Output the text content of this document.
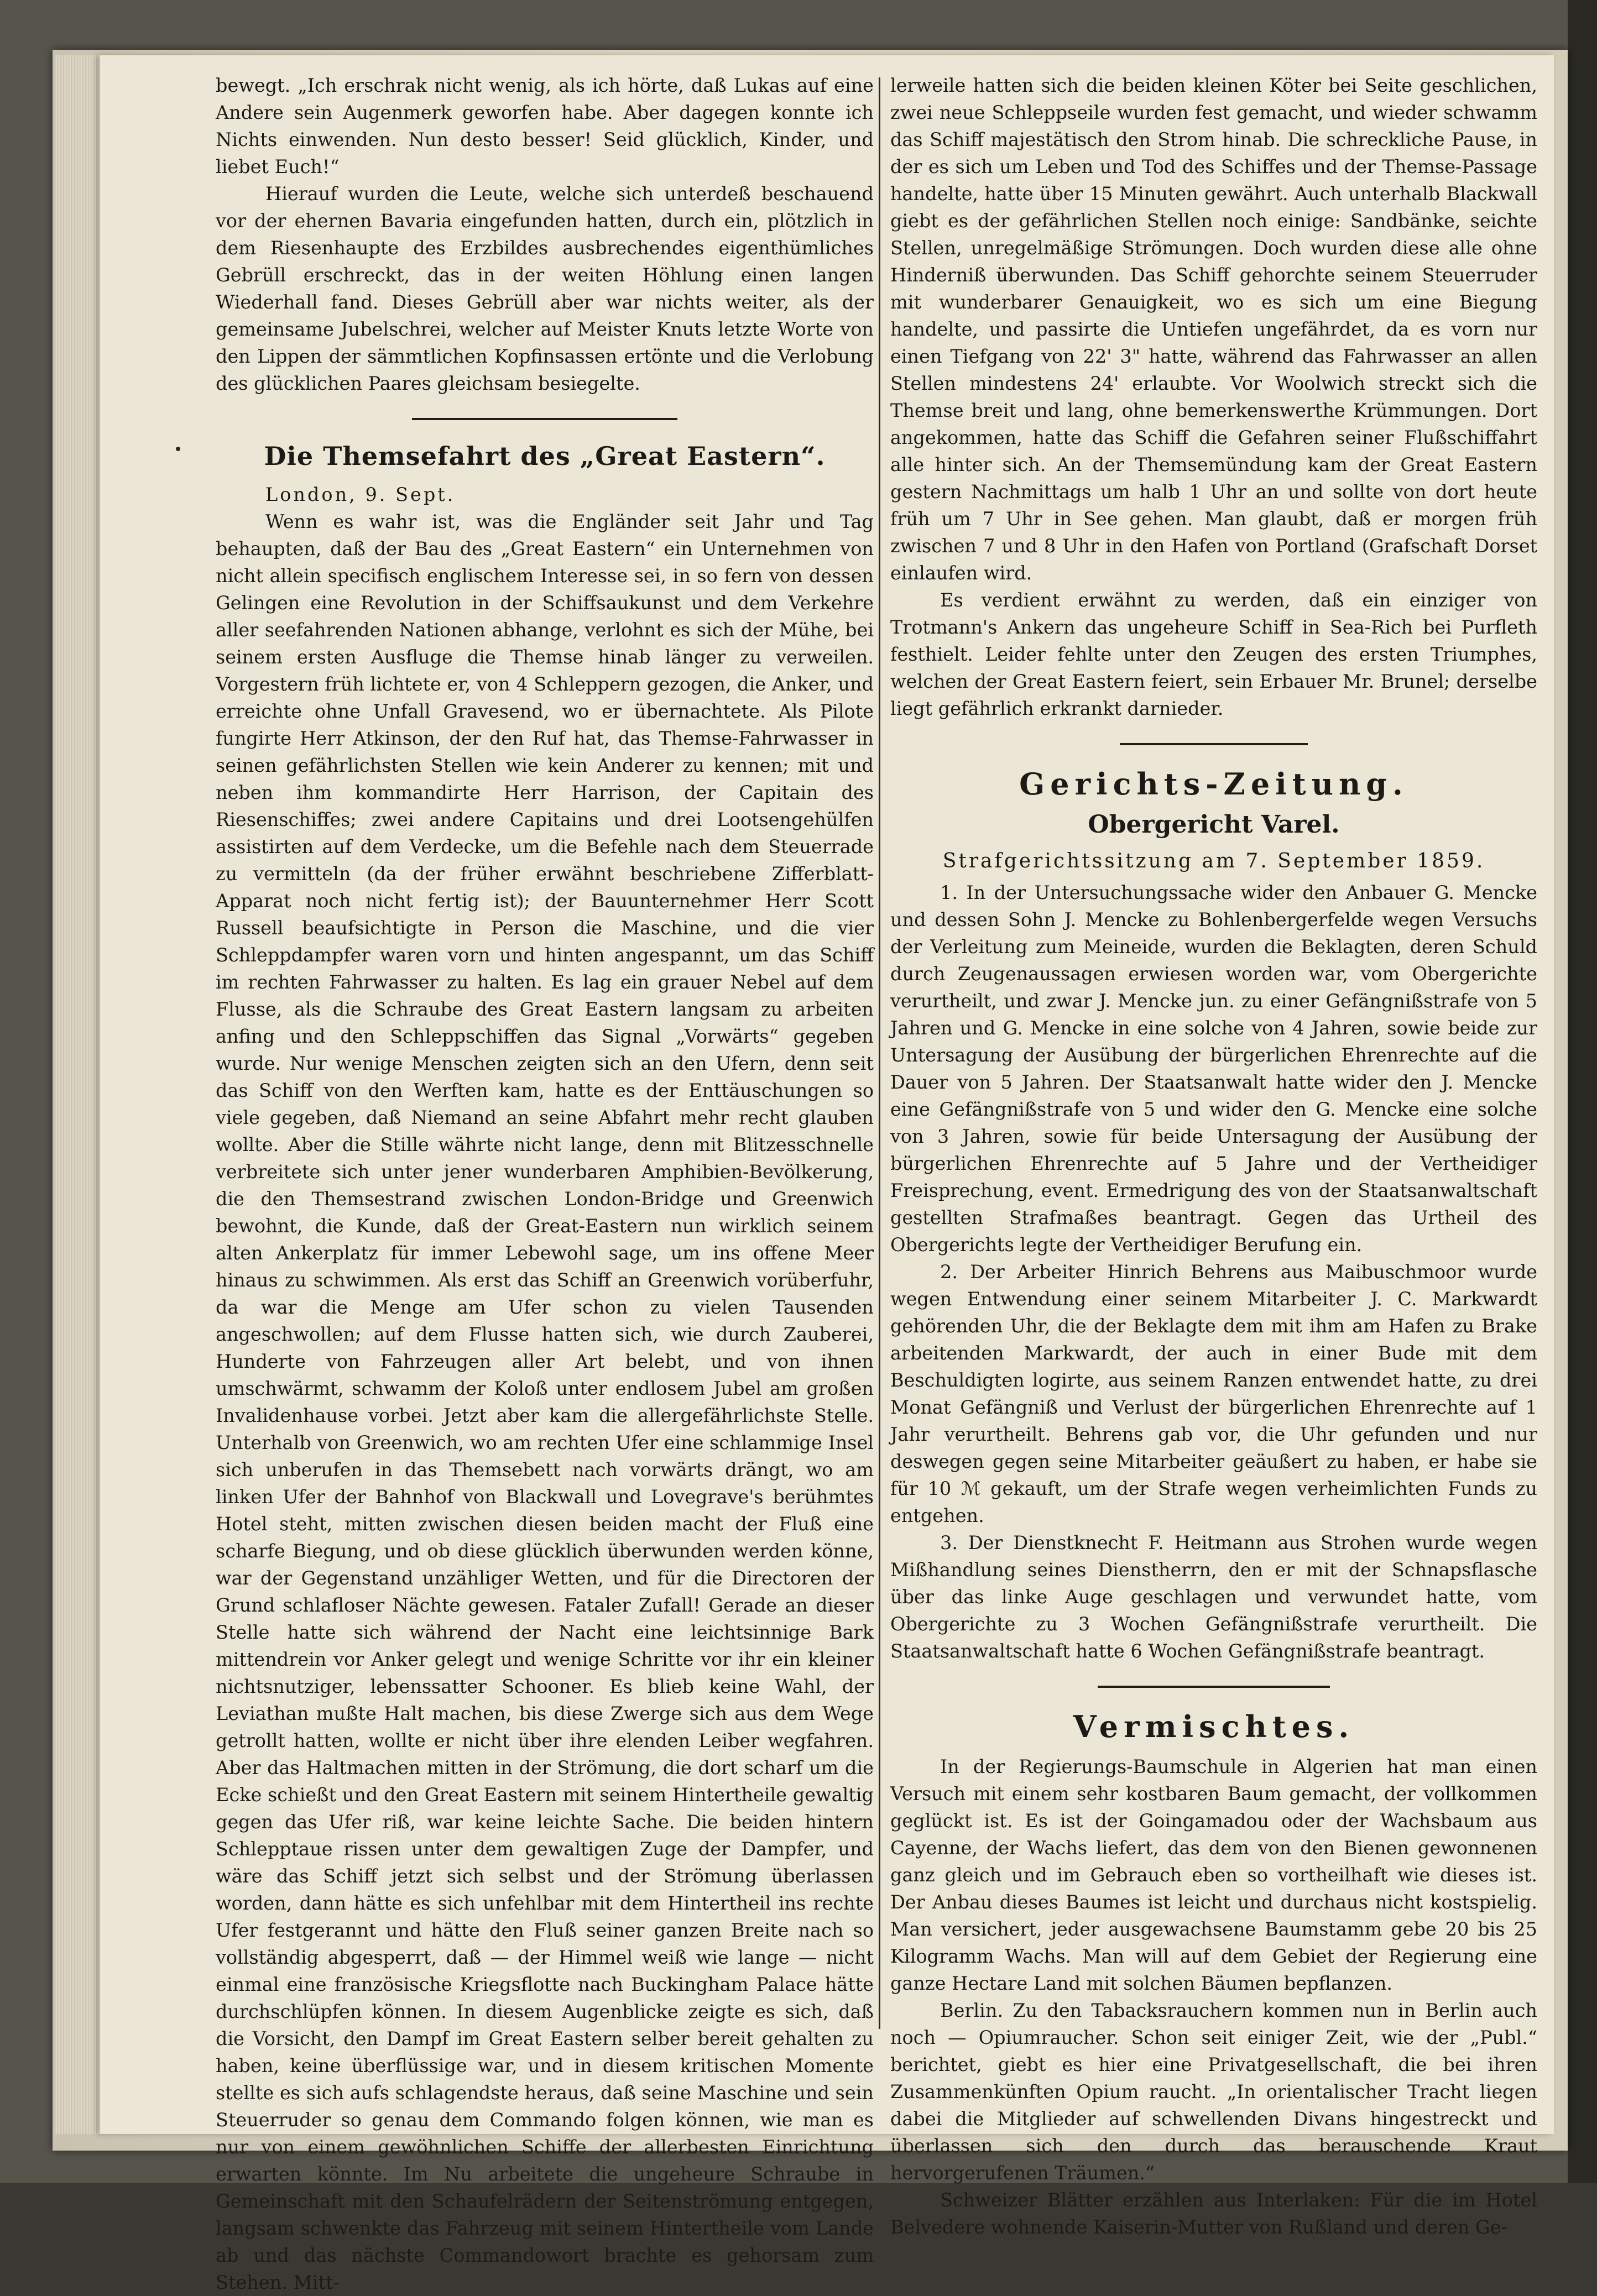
bewegt. „Ich erschrak nicht wenig, als ich hörte, daß Lukas auf eine Andere sein Augenmerk geworfen habe. Aber dagegen konnte ich Nichts einwenden. Nun desto besser! Seid glücklich, Kinder, und liebet Euch!“

Hierauf wurden die Leute, welche sich unterdeß beschauend vor der ehernen Bavaria eingefunden hatten, durch ein, plötzlich in dem Riesenhaupte des Erzbildes ausbrechendes eigenthümliches Gebrüll erschreckt, das in der weiten Höhlung einen langen Wiederhall fand. Dieses Gebrüll aber war nichts weiter, als der gemeinsame Jubelschrei, welcher auf Meister Knuts letzte Worte von den Lippen der sämmtlichen Kopfinsassen ertönte und die Verlobung des glücklichen Paares gleichsam besiegelte.

Die Themsefahrt des „Great Eastern“.

London, 9. Sept.

Wenn es wahr ist, was die Engländer seit Jahr und Tag behaupten, daß der Bau des „Great Eastern“ ein Unternehmen von nicht allein specifisch englischem Interesse sei, in so fern von dessen Gelingen eine Revolution in der Schiffsaukunst und dem Verkehre aller seefahrenden Nationen abhange, verlohnt es sich der Mühe, bei seinem ersten Ausfluge die Themse hinab länger zu verweilen. Vorgestern früh lichtete er, von 4 Schleppern gezogen, die Anker, und erreichte ohne Unfall Gravesend, wo er übernachtete. Als Pilote fungirte Herr Atkinson, der den Ruf hat, das Themse-Fahrwasser in seinen gefährlichsten Stellen wie kein Anderer zu kennen; mit und neben ihm kommandirte Herr Harrison, der Capitain des Riesenschiffes; zwei andere Capitains und drei Lootsengehülfen assistirten auf dem Verdecke, um die Befehle nach dem Steuerrade zu vermitteln (da der früher erwähnt beschriebene Zifferblatt-Apparat noch nicht fertig ist); der Bauunternehmer Herr Scott Russell beaufsichtigte in Person die Maschine, und die vier Schleppdampfer waren vorn und hinten angespannt, um das Schiff im rechten Fahrwasser zu halten. Es lag ein grauer Nebel auf dem Flusse, als die Schraube des Great Eastern langsam zu arbeiten anfing und den Schleppschiffen das Signal „Vorwärts“ gegeben wurde. Nur wenige Menschen zeigten sich an den Ufern, denn seit das Schiff von den Werften kam, hatte es der Enttäuschungen so viele gegeben, daß Niemand an seine Abfahrt mehr recht glauben wollte. Aber die Stille währte nicht lange, denn mit Blitzesschnelle verbreitete sich unter jener wunderbaren Amphibien-Bevölkerung, die den Themsestrand zwischen London-Bridge und Greenwich bewohnt, die Kunde, daß der Great-Eastern nun wirklich seinem alten Ankerplatz für immer Lebewohl sage, um ins offene Meer hinaus zu schwimmen. Als erst das Schiff an Greenwich vorüberfuhr, da war die Menge am Ufer schon zu vielen Tausenden angeschwollen; auf dem Flusse hatten sich, wie durch Zauberei, Hunderte von Fahrzeugen aller Art belebt, und von ihnen umschwärmt, schwamm der Koloß unter endlosem Jubel am großen Invalidenhause vorbei. Jetzt aber kam die allergefährlichste Stelle. Unterhalb von Greenwich, wo am rechten Ufer eine schlammige Insel sich unberufen in das Themsebett nach vorwärts drängt, wo am linken Ufer der Bahnhof von Blackwall und Lovegrave's berühmtes Hotel steht, mitten zwischen diesen beiden macht der Fluß eine scharfe Biegung, und ob diese glücklich überwunden werden könne, war der Gegenstand unzähliger Wetten, und für die Directoren der Grund schlafloser Nächte gewesen. Fataler Zufall! Gerade an dieser Stelle hatte sich während der Nacht eine leichtsinnige Bark mittendrein vor Anker gelegt und wenige Schritte vor ihr ein kleiner nichtsnutziger, lebenssatter Schooner. Es blieb keine Wahl, der Leviathan mußte Halt machen, bis diese Zwerge sich aus dem Wege getrollt hatten, wollte er nicht über ihre elenden Leiber wegfahren. Aber das Haltmachen mitten in der Strömung, die dort scharf um die Ecke schießt und den Great Eastern mit seinem Hintertheile gewaltig gegen das Ufer riß, war keine leichte Sache. Die beiden hintern Schlepptaue rissen unter dem gewaltigen Zuge der Dampfer, und wäre das Schiff jetzt sich selbst und der Strömung überlassen worden, dann hätte es sich unfehlbar mit dem Hintertheil ins rechte Ufer festgerannt und hätte den Fluß seiner ganzen Breite nach so vollständig abgesperrt, daß — der Himmel weiß wie lange — nicht einmal eine französische Kriegsflotte nach Buckingham Palace hätte durchschlüpfen können. In diesem Augenblicke zeigte es sich, daß die Vorsicht, den Dampf im Great Eastern selber bereit gehalten zu haben, keine überflüssige war, und in diesem kritischen Momente stellte es sich aufs schlagendste heraus, daß seine Maschine und sein Steuerruder so genau dem Commando folgen können, wie man es nur von einem gewöhnlichen Schiffe der allerbesten Einrichtung erwarten könnte. Im Nu arbeitete die ungeheure Schraube in Gemeinschaft mit den Schaufelrädern der Seitenströmung entgegen, langsam schwenkte das Fahrzeug mit seinem Hintertheile vom Lande ab und das nächste Commandowort brachte es gehorsam zum Stehen. Mitt-

lerweile hatten sich die beiden kleinen Köter bei Seite geschlichen, zwei neue Schleppseile wurden fest gemacht, und wieder schwamm das Schiff majestätisch den Strom hinab. Die schreckliche Pause, in der es sich um Leben und Tod des Schiffes und der Themse-Passage handelte, hatte über 15 Minuten gewährt. Auch unterhalb Blackwall giebt es der gefährlichen Stellen noch einige: Sandbänke, seichte Stellen, unregelmäßige Strömungen. Doch wurden diese alle ohne Hinderniß überwunden. Das Schiff gehorchte seinem Steuerruder mit wunderbarer Genauigkeit, wo es sich um eine Biegung handelte, und passirte die Untiefen ungefährdet, da es vorn nur einen Tiefgang von 22' 3" hatte, während das Fahrwasser an allen Stellen mindestens 24' erlaubte. Vor Woolwich streckt sich die Themse breit und lang, ohne bemerkenswerthe Krümmungen. Dort angekommen, hatte das Schiff die Gefahren seiner Flußschiffahrt alle hinter sich. An der Themsemündung kam der Great Eastern gestern Nachmittags um halb 1 Uhr an und sollte von dort heute früh um 7 Uhr in See gehen. Man glaubt, daß er morgen früh zwischen 7 und 8 Uhr in den Hafen von Portland (Grafschaft Dorset einlaufen wird.

Es verdient erwähnt zu werden, daß ein einziger von Trotmann's Ankern das ungeheure Schiff in Sea-Rich bei Purfleth festhielt. Leider fehlte unter den Zeugen des ersten Triumphes, welchen der Great Eastern feiert, sein Erbauer Mr. Brunel; derselbe liegt gefährlich erkrankt darnieder.

Gerichts-Zeitung.
Obergericht Varel.

Strafgerichtssitzung am 7. September 1859.

1. In der Untersuchungssache wider den Anbauer G. Mencke und dessen Sohn J. Mencke zu Bohlenbergerfelde wegen Versuchs der Verleitung zum Meineide, wurden die Beklagten, deren Schuld durch Zeugenaussagen erwiesen worden war, vom Obergerichte verurtheilt, und zwar J. Mencke jun. zu einer Gefängnißstrafe von 5 Jahren und G. Mencke in eine solche von 4 Jahren, sowie beide zur Untersagung der Ausübung der bürgerlichen Ehrenrechte auf die Dauer von 5 Jahren. Der Staatsanwalt hatte wider den J. Mencke eine Gefängnißstrafe von 5 und wider den G. Mencke eine solche von 3 Jahren, sowie für beide Untersagung der Ausübung der bürgerlichen Ehrenrechte auf 5 Jahre und der Vertheidiger Freisprechung, event. Ermedrigung des von der Staatsanwaltschaft gestellten Strafmaßes beantragt. Gegen das Urtheil des Obergerichts legte der Vertheidiger Berufung ein.

2. Der Arbeiter Hinrich Behrens aus Maibuschmoor wurde wegen Entwendung einer seinem Mitarbeiter J. C. Markwardt gehörenden Uhr, die der Beklagte dem mit ihm am Hafen zu Brake arbeitenden Markwardt, der auch in einer Bude mit dem Beschuldigten logirte, aus seinem Ranzen entwendet hatte, zu drei Monat Gefängniß und Verlust der bürgerlichen Ehrenrechte auf 1 Jahr verurtheilt. Behrens gab vor, die Uhr gefunden und nur deswegen gegen seine Mitarbeiter geäußert zu haben, er habe sie für 10 ℳ gekauft, um der Strafe wegen verheimlichten Funds zu entgehen.

3. Der Dienstknecht F. Heitmann aus Strohen wurde wegen Mißhandlung seines Dienstherrn, den er mit der Schnapsflasche über das linke Auge geschlagen und verwundet hatte, vom Obergerichte zu 3 Wochen Gefängnißstrafe verurtheilt. Die Staatsanwaltschaft hatte 6 Wochen Gefängnißstrafe beantragt.

Vermischtes.

In der Regierungs-Baumschule in Algerien hat man einen Versuch mit einem sehr kostbaren Baum gemacht, der vollkommen geglückt ist. Es ist der Goingamadou oder der Wachsbaum aus Cayenne, der Wachs liefert, das dem von den Bienen gewonnenen ganz gleich und im Gebrauch eben so vortheilhaft wie dieses ist. Der Anbau dieses Baumes ist leicht und durchaus nicht kostspielig. Man versichert, jeder ausgewachsene Baumstamm gebe 20 bis 25 Kilogramm Wachs. Man will auf dem Gebiet der Regierung eine ganze Hectare Land mit solchen Bäumen bepflanzen.

Berlin. Zu den Tabacksrauchern kommen nun in Berlin auch noch — Opiumraucher. Schon seit einiger Zeit, wie der „Publ.“ berichtet, giebt es hier eine Privatgesellschaft, die bei ihren Zusammenkünften Opium raucht. „In orientalischer Tracht liegen dabei die Mitglieder auf schwellenden Divans hingestreckt und überlassen sich den durch das berauschende Kraut hervorgerufenen Träumen.“

Schweizer Blätter erzählen aus Interlaken: Für die im Hotel Belvedere wohnende Kaiserin-Mutter von Rußland und deren Ge-
